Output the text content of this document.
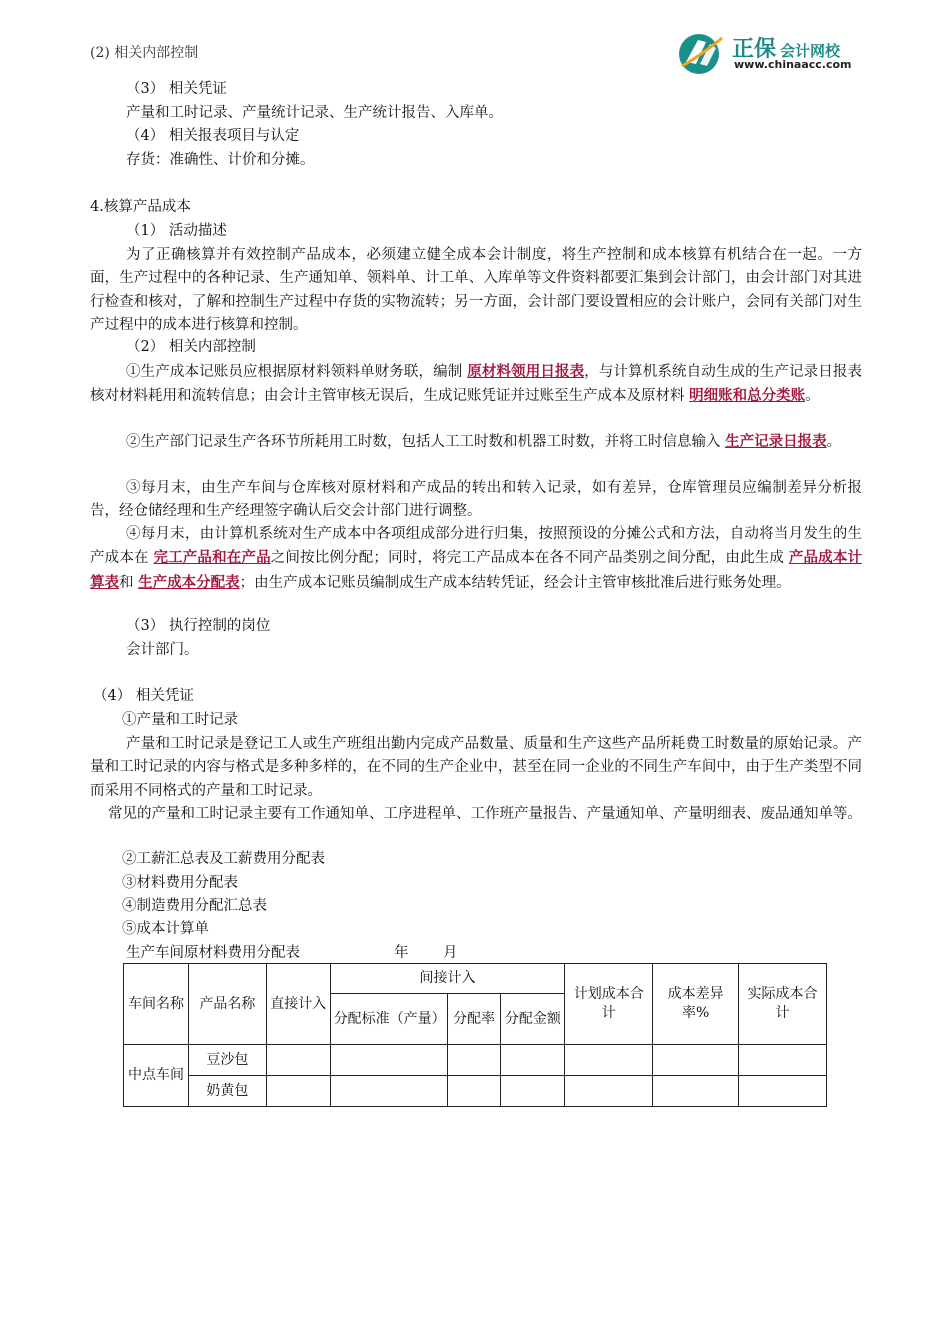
正保 会计网校
www.chinaacc.com
(2) 相关内部控制
（3） 相关凭证
产量和工时记录、产量统计记录、生产统计报告、入库单。
（4） 相关报表项目与认定
存货：准确性、计价和分摊。
4.核算产品成本
（1） 活动描述
为了正确核算并有效控制产品成本，必须建立健全成本会计制度，将生产控制和成本核算有机结合在一起。一方面，生产过程中的各种记录、生产通知单、领料单、计工单、入库单等文件资料都要汇集到会计部门，由会计部门对其进行检查和核对，了解和控制生产过程中存货的实物流转；另一方面，会计部门要设置相应的会计账户，会同有关部门对生产过程中的成本进行核算和控制。
（2） 相关内部控制
①生产成本记账员应根据原材料领料单财务联，编制 原材料领用日报表，与计算机系统自动生成的生产记录日报表核对材料耗用和流转信息；由会计主管审核无误后，生成记账凭证并过账至生产成本及原材料 明细账和总分类账。
②生产部门记录生产各环节所耗用工时数，包括人工工时数和机器工时数，并将工时信息输入 生产记录日报表。
③每月末，由生产车间与仓库核对原材料和产成品的转出和转入记录，如有差异，仓库管理员应编制差异分析报告，经仓储经理和生产经理签字确认后交会计部门进行调整。
④每月末，由计算机系统对生产成本中各项组成部分进行归集，按照预设的分摊公式和方法，自动将当月发生的生产成本在 完工产品和在产品之间按比例分配；同时，将完工产品成本在各不同产品类别之间分配，由此生成 产品成本计算表和 生产成本分配表；由生产成本记账员编制成生产成本结转凭证，经会计主管审核批准后进行账务处理。
（3） 执行控制的岗位
会计部门。
（4） 相关凭证
①产量和工时记录
产量和工时记录是登记工人或生产班组出勤内完成产品数量、质量和生产这些产品所耗费工时数量的原始记录。产量和工时记录的内容与格式是多种多样的，在不同的生产企业中，甚至在同一企业的不同生产车间中，由于生产类型不同而采用不同格式的产量和工时记录。
常见的产量和工时记录主要有工作通知单、工序进程单、工作班产量报告、产量通知单、产量明细表、废品通知单等。
②工薪汇总表及工薪费用分配表
③材料费用分配表
④制造费用分配汇总表
⑤成本计算单
生产车间原材料费用分配表	年 月
车间名称	产品名称	直接计入	间接计入			计划成本合计	成本差异率%	实际成本合计
			分配标准（产量）	分配率	分配金额			
中点车间	豆沙包							
	奶黄包							
